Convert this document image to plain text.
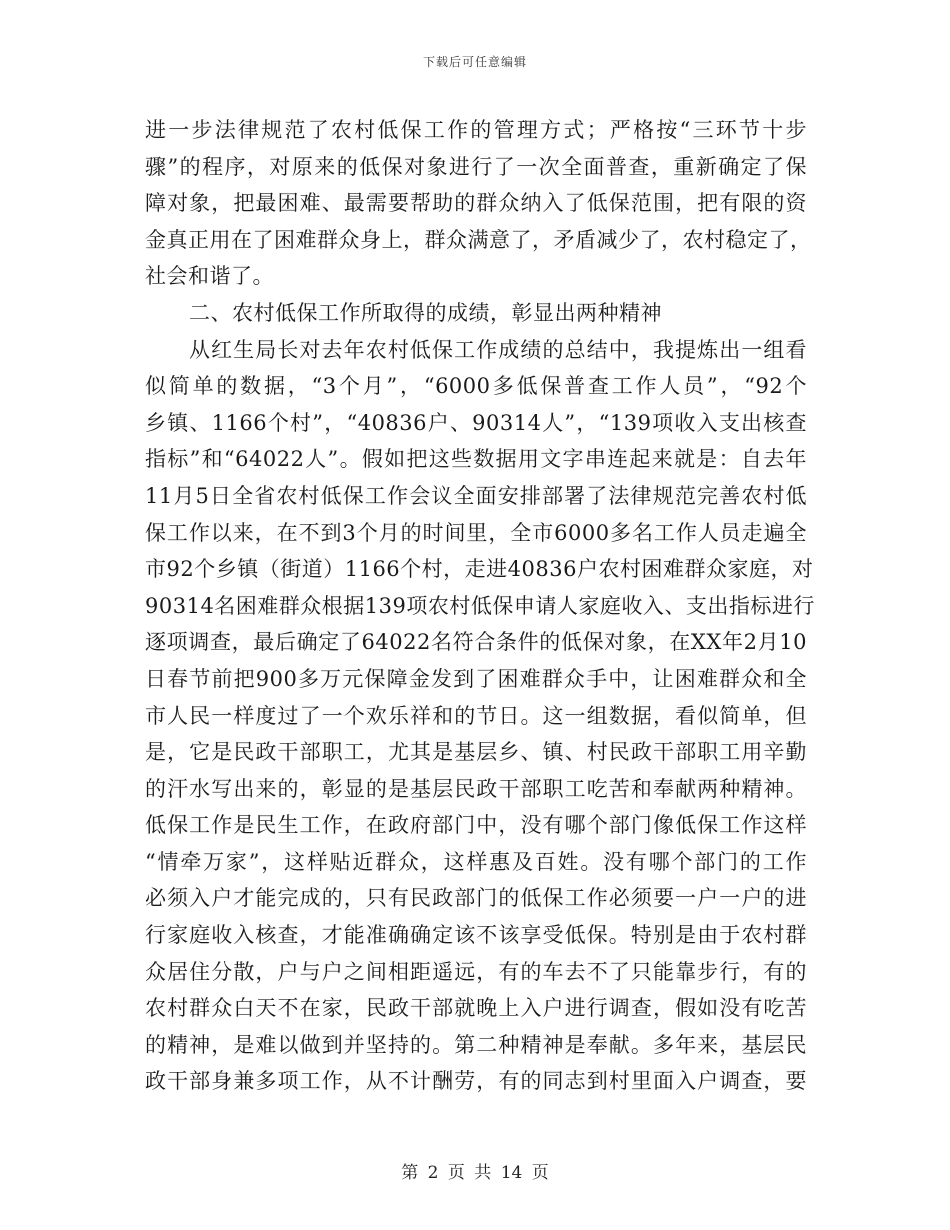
下载后可任意编辑
进一步法律规范了农村低保工作的管理方式；严格按“三环节十步
骤”的程序，对原来的低保对象进行了一次全面普查，重新确定了保
障对象，把最困难、最需要帮助的群众纳入了低保范围，把有限的资
金真正用在了困难群众身上，群众满意了，矛盾减少了，农村稳定了，
社会和谐了。
二、农村低保工作所取得的成绩，彰显出两种精神
从红生局长对去年农村低保工作成绩的总结中，我提炼出一组看
似简单的数据，“3个月”，“6000多低保普查工作人员”，“92个
乡镇、1166个村”，“40836户、90314人”，“139项收入支出核查
指标”和“64022人”。假如把这些数据用文字串连起来就是：自去年
11月5日全省农村低保工作会议全面安排部署了法律规范完善农村低
保工作以来，在不到3个月的时间里，全市6000多名工作人员走遍全
市92个乡镇（街道）1166个村，走进40836户农村困难群众家庭，对
90314名困难群众根据139项农村低保申请人家庭收入、支出指标进行
逐项调查，最后确定了64022名符合条件的低保对象，在XX年2月10
日春节前把900多万元保障金发到了困难群众手中，让困难群众和全
市人民一样度过了一个欢乐祥和的节日。这一组数据，看似简单，但
是，它是民政干部职工，尤其是基层乡、镇、村民政干部职工用辛勤
的汗水写出来的，彰显的是基层民政干部职工吃苦和奉献两种精神。
低保工作是民生工作，在政府部门中，没有哪个部门像低保工作这样
“情牵万家”，这样贴近群众，这样惠及百姓。没有哪个部门的工作
必须入户才能完成的，只有民政部门的低保工作必须要一户一户的进
行家庭收入核查，才能准确确定该不该享受低保。特别是由于农村群
众居住分散，户与户之间相距遥远，有的车去不了只能靠步行，有的
农村群众白天不在家，民政干部就晚上入户进行调查，假如没有吃苦
的精神，是难以做到并坚持的。第二种精神是奉献。多年来，基层民
政干部身兼多项工作，从不计酬劳，有的同志到村里面入户调查，要
第 2 页 共 14 页
